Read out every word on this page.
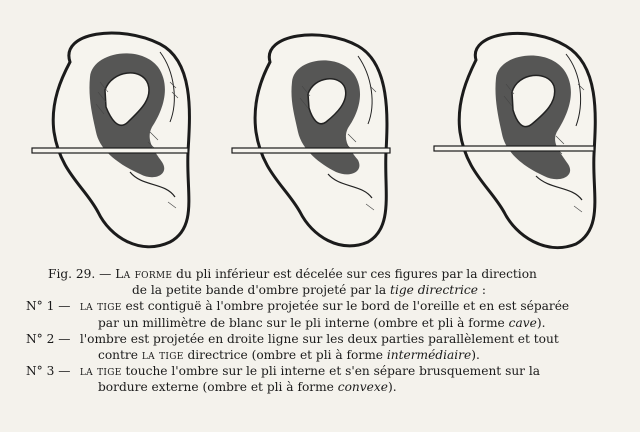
Fig. 29. — La forme du pli inférieur est décelée sur ces figures par la direction
de la petite bande d'ombre projeté par la tige directrice :
N° 1 — la tige est contiguë à l'ombre projetée sur le bord de l'oreille et en est séparée
par un millimètre de blanc sur le pli interne (ombre et pli à forme cave).
N° 2 — l'ombre est projetée en droite ligne sur les deux parties parallèlement et tout
contre la tige directrice (ombre et pli à forme intermédiaire).
N° 3 — la tige touche l'ombre sur le pli interne et s'en sépare brusquement sur la
bordure externe (ombre et pli à forme convexe).
